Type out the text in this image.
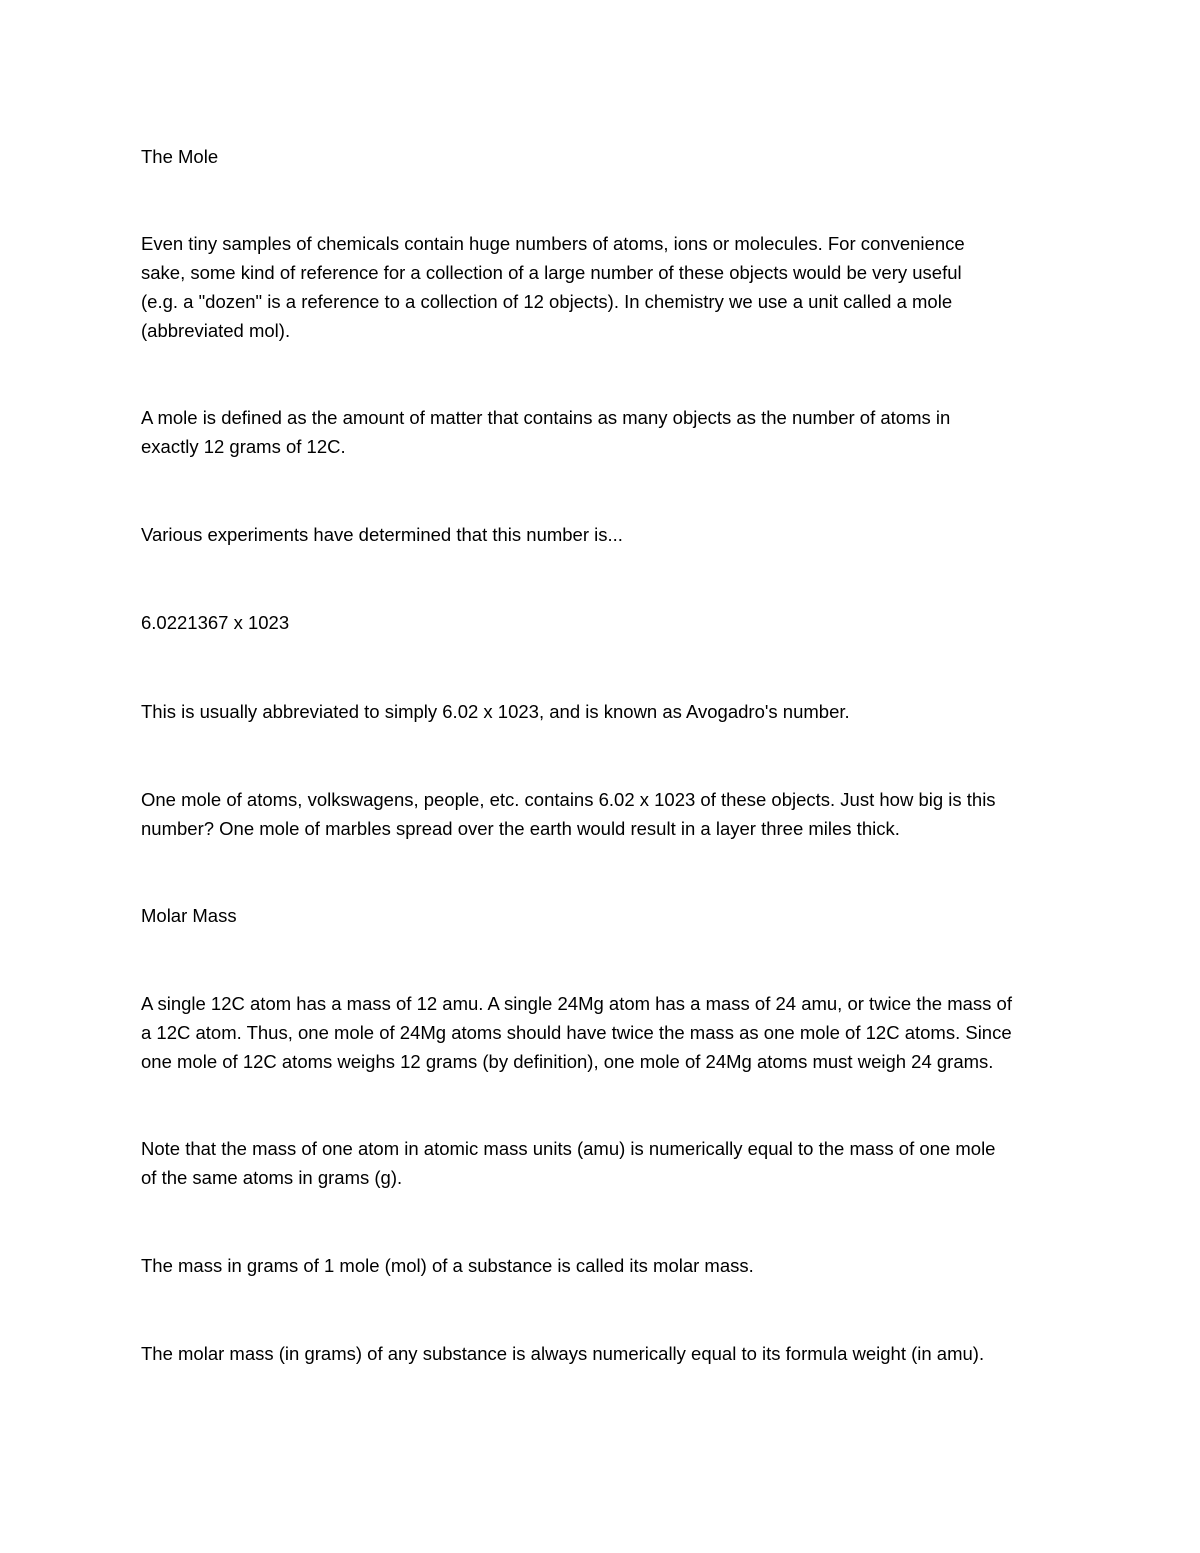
The Mole

Even tiny samples of chemicals contain huge numbers of atoms, ions or molecules. For convenience
sake, some kind of reference for a collection of a large number of these objects would be very useful
(e.g. a "dozen" is a reference to a collection of 12 objects). In chemistry we use a unit called a mole
(abbreviated mol).

A mole is defined as the amount of matter that contains as many objects as the number of atoms in
exactly 12 grams of 12C.

Various experiments have determined that this number is...

6.0221367 x 1023

This is usually abbreviated to simply 6.02 x 1023, and is known as Avogadro's number.

One mole of atoms, volkswagens, people, etc. contains 6.02 x 1023 of these objects. Just how big is this
number? One mole of marbles spread over the earth would result in a layer three miles thick.

Molar Mass

A single 12C atom has a mass of 12 amu. A single 24Mg atom has a mass of 24 amu, or twice the mass of
a 12C atom. Thus, one mole of 24Mg atoms should have twice the mass as one mole of 12C atoms. Since
one mole of 12C atoms weighs 12 grams (by definition), one mole of 24Mg atoms must weigh 24 grams.

Note that the mass of one atom in atomic mass units (amu) is numerically equal to the mass of one mole
of the same atoms in grams (g).

The mass in grams of 1 mole (mol) of a substance is called its molar mass.

The molar mass (in grams) of any substance is always numerically equal to its formula weight (in amu).
